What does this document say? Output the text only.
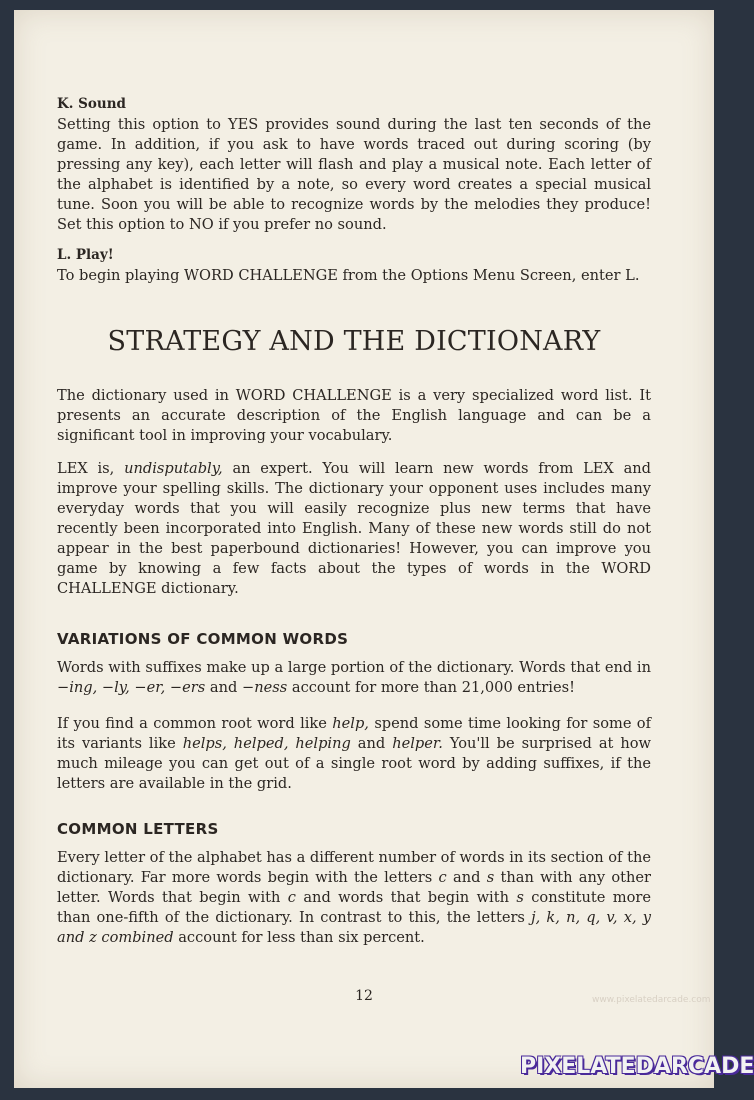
K. Sound

Setting this option to YES provides sound during the last ten seconds of the game. In addition, if you ask to have words traced out during scoring (by pressing any key), each letter will flash and play a musical note. Each letter of the alphabet is identified by a note, so every word creates a special musical tune. Soon you will be able to recognize words by the melodies they produce! Set this option to NO if you prefer no sound.

L. Play!

To begin playing WORD CHALLENGE from the Options Menu Screen, enter L.

STRATEGY AND THE DICTIONARY

The dictionary used in WORD CHALLENGE is a very specialized word list. It presents an accurate description of the English language and can be a significant tool in improving your vocabulary.

LEX is, undisputably, an expert. You will learn new words from LEX and improve your spelling skills. The dictionary your opponent uses includes many everyday words that you will easily recognize plus new terms that have recently been incorporated into English. Many of these new words still do not appear in the best paperbound dictionaries! However, you can improve you game by knowing a few facts about the types of words in the WORD CHALLENGE dictionary.

VARIATIONS OF COMMON WORDS

Words with suffixes make up a large portion of the dictionary. Words that end in −ing, −ly, −er, −ers and −ness account for more than 21,000 entries!

If you find a common root word like help, spend some time looking for some of its variants like helps, helped, helping and helper. You'll be surprised at how much mileage you can get out of a single root word by adding suffixes, if the letters are available in the grid.

COMMON LETTERS

Every letter of the alphabet has a different number of words in its section of the dictionary. Far more words begin with the letters c and s than with any other letter. Words that begin with c and words that begin with s constitute more than one-fifth of the dictionary. In contrast to this, the letters j, k, n, q, v, x, y and z combined account for less than six percent.

12	www.pixelatedarcade.com
PIXELATEDARCADE
